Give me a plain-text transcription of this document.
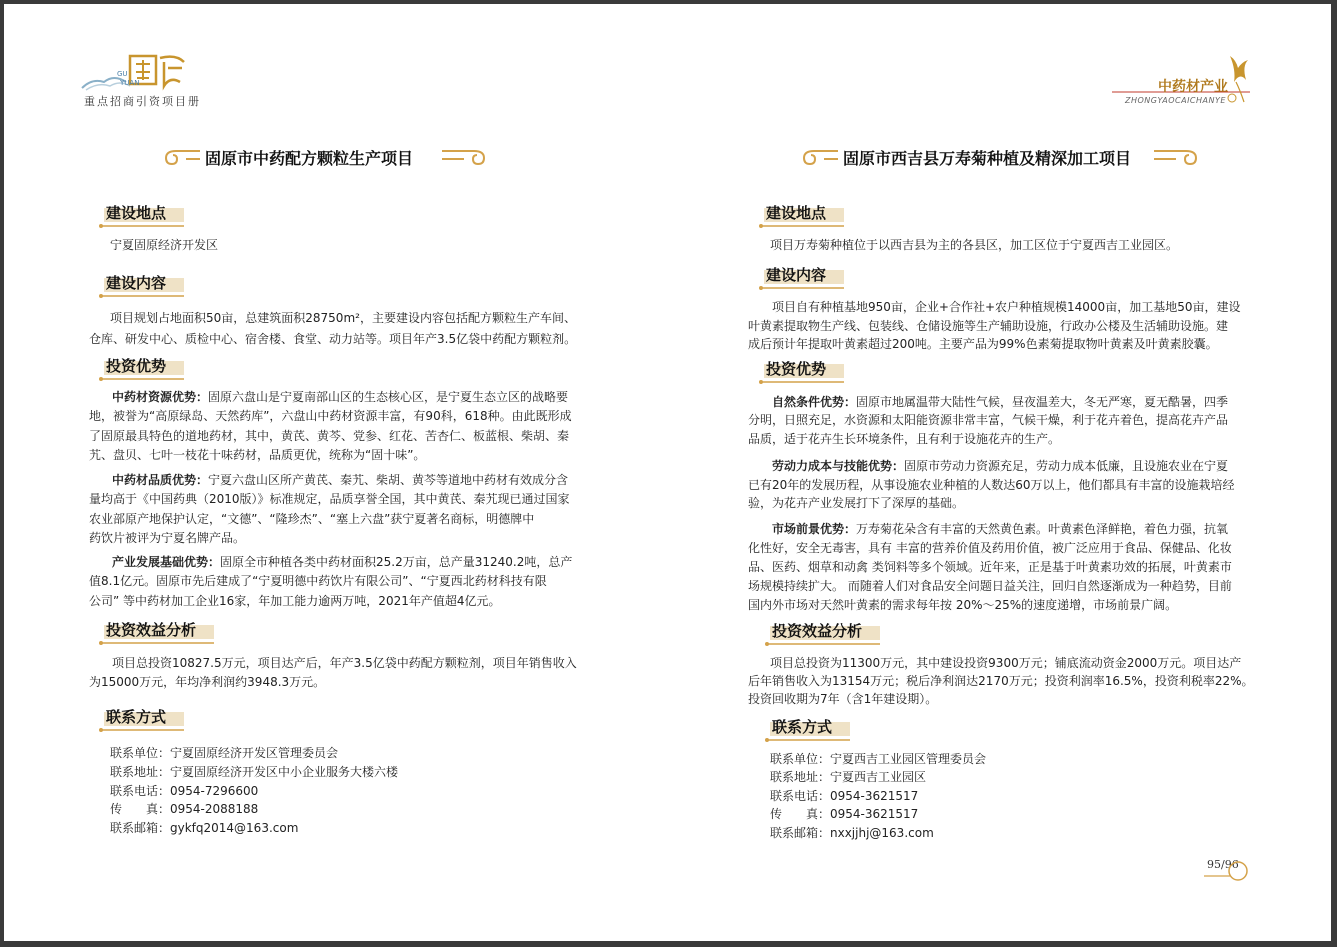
GU
YUAN
重点招商引资项目册
中药材产业
ZHONGYAOCAICHANYE
固原市中药配方颗粒生产项目
建设地点
宁夏固原经济开发区
建设内容
项目规划占地面积50亩，总建筑面积28750m²，主要建设内容包括配方颗粒生产车间、
仓库、研发中心、质检中心、宿舍楼、食堂、动力站等。项目年产3.5亿袋中药配方颗粒剂。
投资优势
中药材资源优势：固原六盘山是宁夏南部山区的生态核心区，是宁夏生态立区的战略要
地，被誉为“高原绿岛、天然药库”，六盘山中药材资源丰富，有90科，618种。由此既形成
了固原最具特色的道地药材，其中，黄芪、黄芩、党参、红花、苦杏仁、板蓝根、柴胡、秦
艽、盘贝、七叶一枝花十味药材，品质更优，统称为“固十味”。
中药材品质优势：宁夏六盘山区所产黄芪、秦艽、柴胡、黄芩等道地中药材有效成分含
量均高于《中国药典（2010版）》标准规定，品质享誉全国，其中黄芪、秦艽现已通过国家
农业部原产地保护认定，“文德”、“隆珍杰”、“塞上六盘”获宁夏著名商标，明德牌中
药饮片被评为宁夏名牌产品。
产业发展基础优势：固原全市种植各类中药材面积25.2万亩，总产量31240.2吨，总产
值8.1亿元。固原市先后建成了“宁夏明德中药饮片有限公司”、“宁夏西北药材科技有限
公司” 等中药材加工企业16家，年加工能力逾两万吨，2021年产值超4亿元。
投资效益分析
项目总投资10827.5万元，项目达产后，年产3.5亿袋中药配方颗粒剂，项目年销售收入
为15000万元，年均净利润约3948.3万元。
联系方式
联系单位：宁夏固原经济开发区管理委员会
联系地址：宁夏固原经济开发区中小企业服务大楼六楼
联系电话：0954-7296600
传　　真：0954-2088188
联系邮箱：gykfq2014@163.com
固原市西吉县万寿菊种植及精深加工项目
建设地点
项目万寿菊种植位于以西吉县为主的各县区，加工区位于宁夏西吉工业园区。
建设内容
项目自有种植基地950亩，企业+合作社+农户种植规模14000亩，加工基地50亩，建设
叶黄素提取物生产线、包装线、仓储设施等生产辅助设施，行政办公楼及生活辅助设施。建
成后预计年提取叶黄素超过200吨。主要产品为99%色素菊提取物叶黄素及叶黄素胶囊。
投资优势
自然条件优势：固原市地属温带大陆性气候，昼夜温差大，冬无严寒，夏无酷暑，四季
分明，日照充足，水资源和太阳能资源非常丰富，气候干燥，利于花卉着色，提高花卉产品
品质，适于花卉生长环境条件，且有利于设施花卉的生产。
劳动力成本与技能优势：固原市劳动力资源充足，劳动力成本低廉，且设施农业在宁夏
已有20年的发展历程，从事设施农业种植的人数达60万以上，他们都具有丰富的设施栽培经
验，为花卉产业发展打下了深厚的基础。
市场前景优势：万寿菊花朵含有丰富的天然黄色素。叶黄素色泽鲜艳，着色力强，抗氧
化性好，安全无毒害，具有 丰富的营养价值及药用价值，被广泛应用于食品、保健品、化妆
品、医药、烟草和动禽 类饲料等多个领域。近年来，正是基于叶黄素功效的拓展，叶黄素市
场规模持续扩大。 而随着人们对食品安全问题日益关注，回归自然逐渐成为一种趋势，目前
国内外市场对天然叶黄素的需求每年按 20%～25%的速度递增，市场前景广阔。
投资效益分析
项目总投资为11300万元，其中建设投资9300万元；铺底流动资金2000万元。项目达产
后年销售收入为13154万元；税后净利润达2170万元；投资利润率16.5%，投资利税率22%。
投资回收期为7年（含1年建设期）。
联系方式
联系单位：宁夏西吉工业园区管理委员会
联系地址：宁夏西吉工业园区
联系电话：0954-3621517
传　　真：0954-3621517
联系邮箱：nxxjjhj@163.com
95/96
